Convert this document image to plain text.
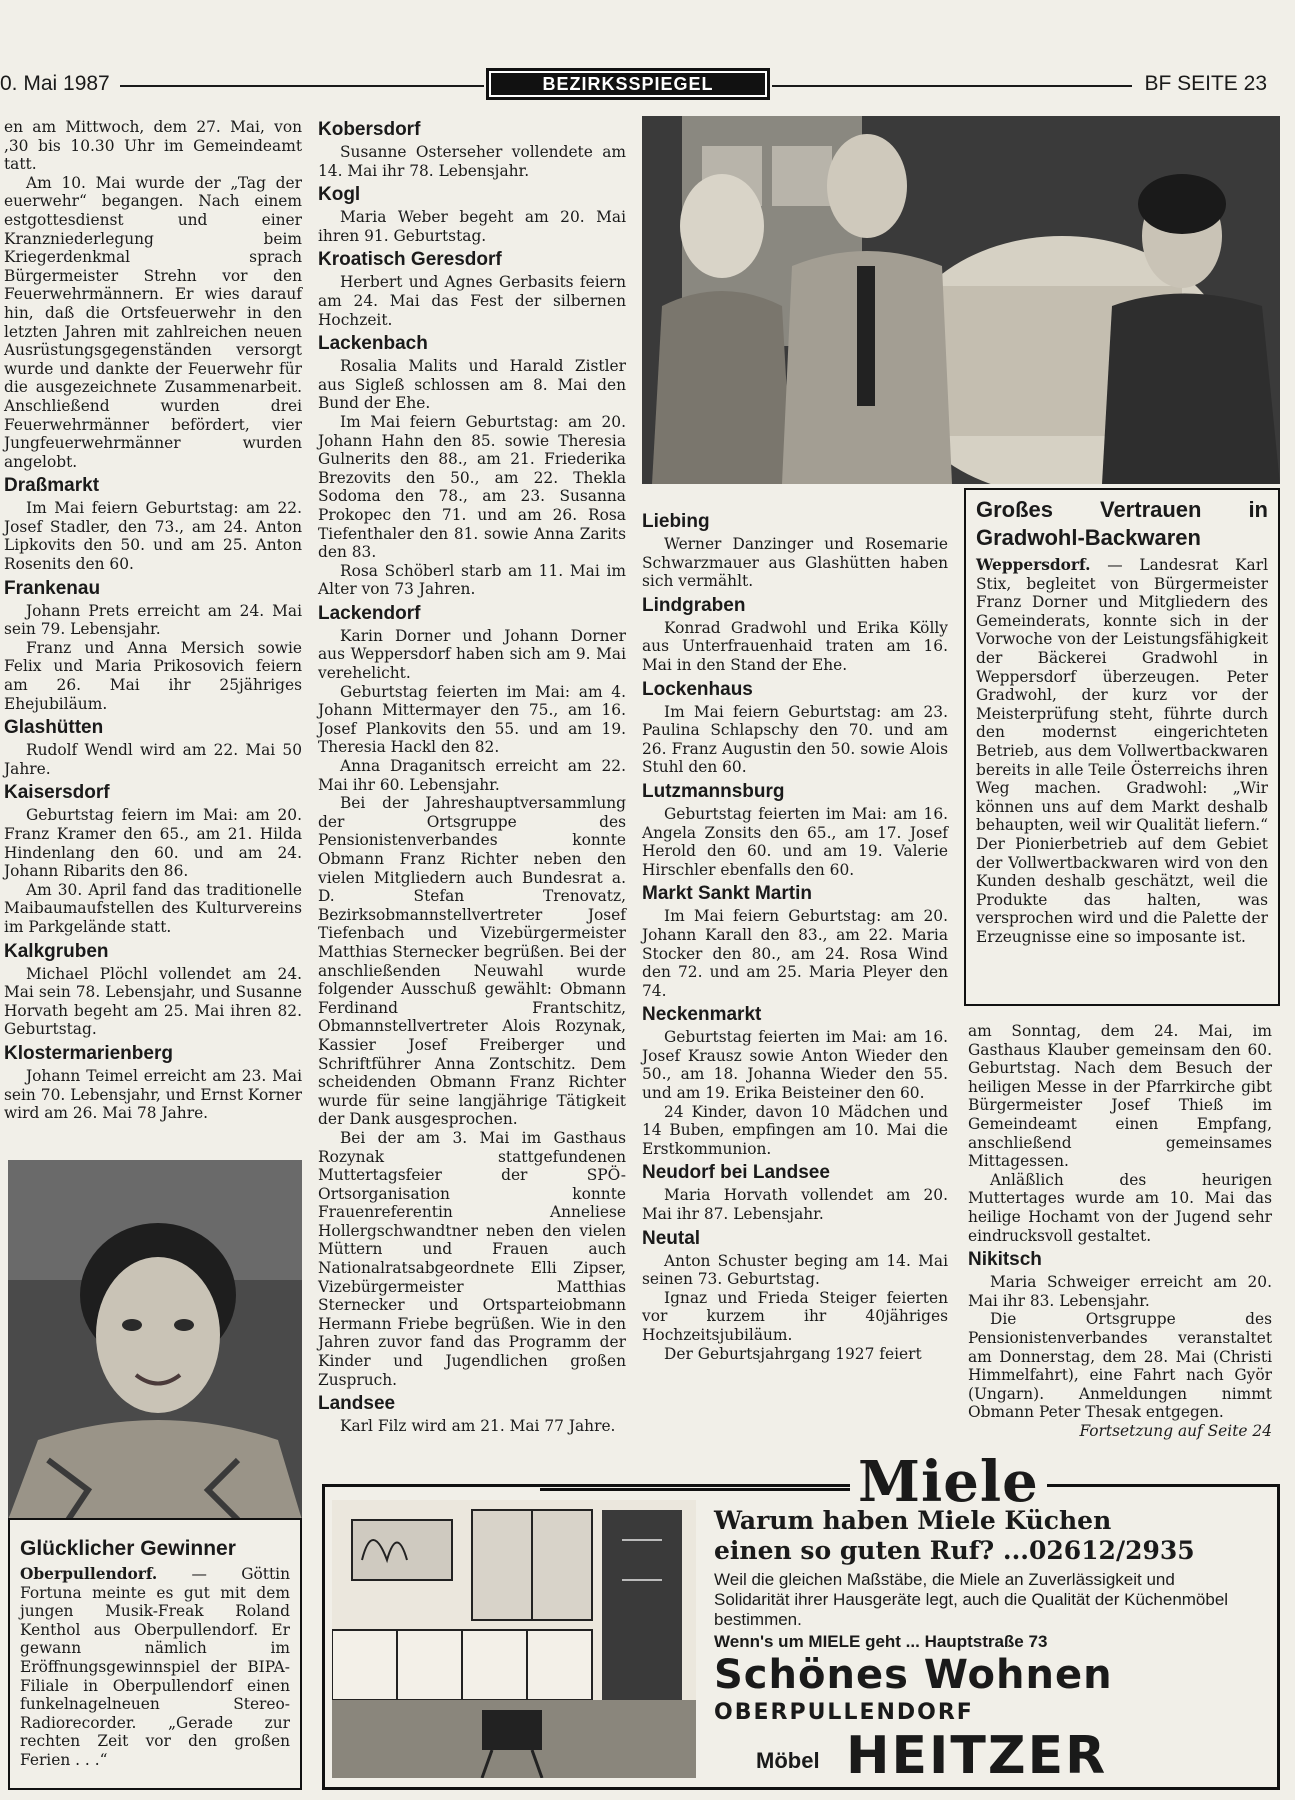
0. Mai 1987	BEZIRKSSPIEGEL	BF SEITE 23

en am Mittwoch, dem 27. Mai, von ,30 bis 10.30 Uhr im Gemeindeamt tatt.

Am 10. Mai wurde der „Tag der euerwehr“ begangen. Nach einem estgottesdienst und einer Kranzniederlegung beim Kriegerdenkmal sprach Bürgermeister Strehn vor den Feuerwehrmännern. Er wies darauf hin, daß die Ortsfeuerwehr in den letzten Jahren mit zahlreichen neuen Ausrüstungsgegenständen versorgt wurde und dankte der Feuerwehr für die ausgezeichnete Zusammenarbeit. Anschließend wurden drei Feuerwehrmänner befördert, vier Jungfeuerwehrmänner wurden angelobt.

Draßmarkt

Im Mai feiern Geburtstag: am 22. Josef Stadler, den 73., am 24. Anton Lipkovits den 50. und am 25. Anton Rosenits den 60.

Frankenau

Johann Prets erreicht am 24. Mai sein 79. Lebensjahr.

Franz und Anna Mersich sowie Felix und Maria Prikosovich feiern am 26. Mai ihr 25jähriges Ehejubiläum.

Glashütten

Rudolf Wendl wird am 22. Mai 50 Jahre.

Kaisersdorf

Geburtstag feiern im Mai: am 20. Franz Kramer den 65., am 21. Hilda Hindenlang den 60. und am 24. Johann Ribarits den 86.

Am 30. April fand das traditionelle Maibaumaufstellen des Kulturvereins im Parkgelände statt.

Kalkgruben

Michael Plöchl vollendet am 24. Mai sein 78. Lebensjahr, und Susanne Horvath begeht am 25. Mai ihren 82. Geburtstag.

Klostermarienberg

Johann Teimel erreicht am 23. Mai sein 70. Lebensjahr, und Ernst Korner wird am 26. Mai 78 Jahre.

Glücklicher Gewinner

Oberpullendorf. — Göttin Fortuna meinte es gut mit dem jungen Musik-Freak Roland Kenthol aus Oberpullendorf. Er gewann nämlich im Eröffnungsgewinnspiel der BIPA-Filiale in Oberpullendorf einen funkelnagelneuen Stereo-Radiorecorder. „Gerade zur rechten Zeit vor den großen Ferien . . .“

Kobersdorf

Susanne Osterseher vollendete am 14. Mai ihr 78. Lebensjahr.

Kogl

Maria Weber begeht am 20. Mai ihren 91. Geburtstag.

Kroatisch Geresdorf

Herbert und Agnes Gerbasits feiern am 24. Mai das Fest der silbernen Hochzeit.

Lackenbach

Rosalia Malits und Harald Zistler aus Sigleß schlossen am 8. Mai den Bund der Ehe.

Im Mai feiern Geburtstag: am 20. Johann Hahn den 85. sowie Theresia Gulnerits den 88., am 21. Friederika Brezovits den 50., am 22. Thekla Sodoma den 78., am 23. Susanna Prokopec den 71. und am 26. Rosa Tiefenthaler den 81. sowie Anna Zarits den 83.

Rosa Schöberl starb am 11. Mai im Alter von 73 Jahren.

Lackendorf

Karin Dorner und Johann Dorner aus Weppersdorf haben sich am 9. Mai verehelicht.

Geburtstag feierten im Mai: am 4. Johann Mittermayer den 75., am 16. Josef Plankovits den 55. und am 19. Theresia Hackl den 82.

Anna Draganitsch erreicht am 22. Mai ihr 60. Lebensjahr.

Bei der Jahreshauptversammlung der Ortsgruppe des Pensionistenverbandes konnte Obmann Franz Richter neben den vielen Mitgliedern auch Bundesrat a. D. Stefan Trenovatz, Bezirksobmannstellvertreter Josef Tiefenbach und Vizebürgermeister Matthias Sternecker begrüßen. Bei der anschließenden Neuwahl wurde folgender Ausschuß gewählt: Obmann Ferdinand Frantschitz, Obmannstellvertreter Alois Rozynak, Kassier Josef Freiberger und Schriftführer Anna Zontschitz. Dem scheidenden Obmann Franz Richter wurde für seine langjährige Tätigkeit der Dank ausgesprochen.

Bei der am 3. Mai im Gasthaus Rozynak stattgefundenen Muttertagsfeier der SPÖ-Ortsorganisation konnte Frauenreferentin Anneliese Hollergschwandtner neben den vielen Müttern und Frauen auch Nationalratsabgeordnete Elli Zipser, Vizebürgermeister Matthias Sternecker und Ortsparteiobmann Hermann Friebe begrüßen. Wie in den Jahren zuvor fand das Programm der Kinder und Jugendlichen großen Zuspruch.

Landsee

Karl Filz wird am 21. Mai 77 Jahre.

Liebing

Werner Danzinger und Rosemarie Schwarzmauer aus Glashütten haben sich vermählt.

Lindgraben

Konrad Gradwohl und Erika Kölly aus Unterfrauenhaid traten am 16. Mai in den Stand der Ehe.

Lockenhaus

Im Mai feiern Geburtstag: am 23. Paulina Schlapschy den 70. und am 26. Franz Augustin den 50. sowie Alois Stuhl den 60.

Lutzmannsburg

Geburtstag feierten im Mai: am 16. Angela Zonsits den 65., am 17. Josef Herold den 60. und am 19. Valerie Hirschler ebenfalls den 60.

Markt Sankt Martin

Im Mai feiern Geburtstag: am 20. Johann Karall den 83., am 22. Maria Stocker den 80., am 24. Rosa Wind den 72. und am 25. Maria Pleyer den 74.

Neckenmarkt

Geburtstag feierten im Mai: am 16. Josef Krausz sowie Anton Wieder den 50., am 18. Johanna Wieder den 55. und am 19. Erika Beisteiner den 60.

24 Kinder, davon 10 Mädchen und 14 Buben, empfingen am 10. Mai die Erstkommunion.

Neudorf bei Landsee

Maria Horvath vollendet am 20. Mai ihr 87. Lebensjahr.

Neutal

Anton Schuster beging am 14. Mai seinen 73. Geburtstag.

Ignaz und Frieda Steiger feierten vor kurzem ihr 40jähriges Hochzeitsjubiläum.

Der Geburtsjahrgang 1927 feiert

Großes Vertrauen in Gradwohl-Backwaren

Weppersdorf. — Landesrat Karl Stix, begleitet von Bürgermeister Franz Dorner und Mitgliedern des Gemeinderats, konnte sich in der Vorwoche von der Leistungsfähigkeit der Bäckerei Gradwohl in Weppersdorf überzeugen. Peter Gradwohl, der kurz vor der Meisterprüfung steht, führte durch den modernst eingerichteten Betrieb, aus dem Vollwertbackwaren bereits in alle Teile Österreichs ihren Weg machen. Gradwohl: „Wir können uns auf dem Markt deshalb behaupten, weil wir Qualität liefern.“ Der Pionierbetrieb auf dem Gebiet der Vollwertbackwaren wird von den Kunden deshalb geschätzt, weil die Produkte das halten, was versprochen wird und die Palette der Erzeugnisse eine so imposante ist.

am Sonntag, dem 24. Mai, im Gasthaus Klauber gemeinsam den 60. Geburtstag. Nach dem Besuch der heiligen Messe in der Pfarrkirche gibt Bürgermeister Josef Thieß im Gemeindeamt einen Empfang, anschließend gemeinsames Mittagessen.

Anläßlich des heurigen Muttertages wurde am 10. Mai das heilige Hochamt von der Jugend sehr eindrucksvoll gestaltet.

Nikitsch

Maria Schweiger erreicht am 20. Mai ihr 83. Lebensjahr.

Die Ortsgruppe des Pensionistenverbandes veranstaltet am Donnerstag, dem 28. Mai (Christi Himmelfahrt), eine Fahrt nach Györ (Ungarn). Anmeldungen nimmt Obmann Peter Thesak entgegen.

Fortsetzung auf Seite 24

Miele
Warum haben Miele Küchen
einen so guten Ruf? ...02612/2935
Weil die gleichen Maßstäbe, die Miele an Zuverlässigkeit und Solidarität ihrer Hausgeräte legt, auch die Qualität der Küchenmöbel bestimmen.
Wenn's um MIELE geht ... Hauptstraße 73
Schönes Wohnen
OBERPULLENDORF
Möbel HEITZER
